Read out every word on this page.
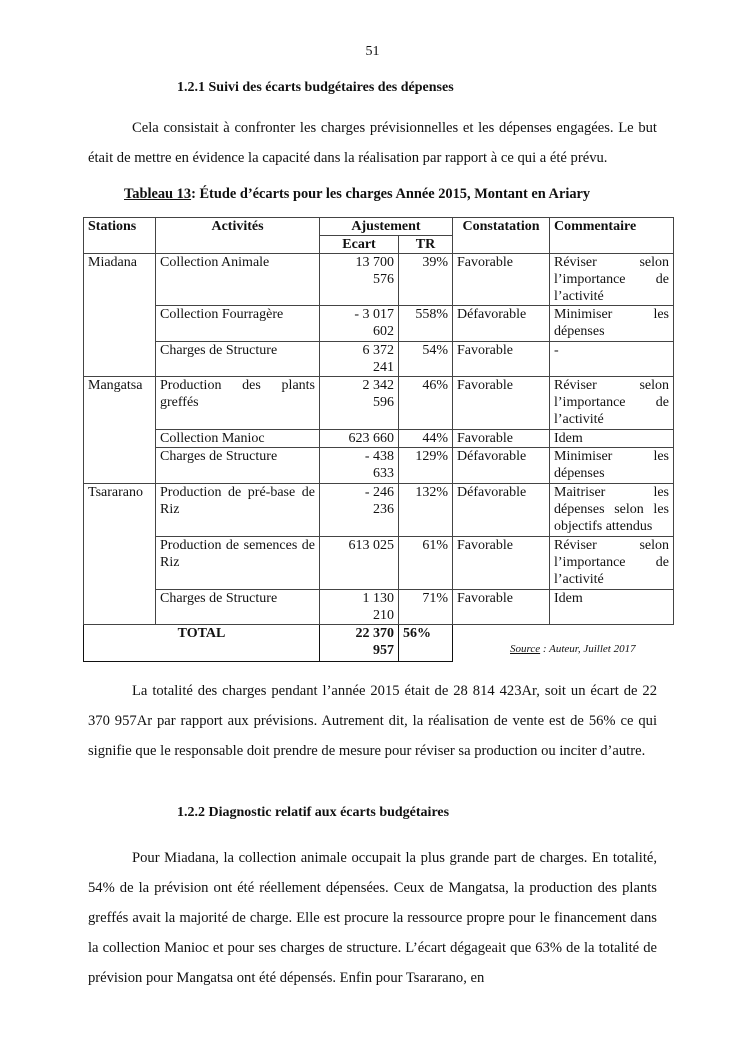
51
1.2.1 Suivi des écarts budgétaires des dépenses
Cela consistait à confronter les charges prévisionnelles et les dépenses engagées. Le but était de mettre en évidence la capacité dans la réalisation par rapport à ce qui a été prévu.
Tableau 13: Étude d’écarts pour les charges Année 2015, Montant en Ariary
Stations	Activités	Ajustement		Constatation	Commentaire
		Ecart	TR		
Miadana	Collection Animale	13 700 576	39%	Favorable	Réviser selon l’importance de l’activité
	Collection Fourragère	- 3 017 602	558%	Défavorable	Minimiser les dépenses
	Charges de Structure	6 372 241	54%	Favorable	-
Mangatsa	Production des plants greffés	2 342 596	46%	Favorable	Réviser selon l’importance de l’activité
	Collection Manioc	623 660	44%	Favorable	Idem
	Charges de Structure	- 438 633	129%	Défavorable	Minimiser les dépenses
Tsararano	Production de pré-base de Riz	- 246 236	132%	Défavorable	Maitriser les dépenses selon les objectifs attendus
	Production de semences de Riz	613 025	61%	Favorable	Réviser selon l’importance de l’activité
	Charges de Structure	1 130 210	71%	Favorable	Idem
TOTAL		22 370 957	56%		
Source : Auteur, Juillet 2017
La totalité des charges pendant l’année 2015 était de 28 814 423Ar, soit un écart de 22 370 957Ar par rapport aux prévisions. Autrement dit, la réalisation de vente est de 56% ce qui signifie que le responsable doit prendre de mesure pour réviser sa production ou inciter d’autre.
1.2.2 Diagnostic relatif aux écarts budgétaires
Pour Miadana, la collection animale occupait la plus grande part de charges. En totalité, 54% de la prévision ont été réellement dépensées. Ceux de Mangatsa, la production des plants greffés avait la majorité de charge. Elle est procure la ressource propre pour le financement dans la collection Manioc et pour ses charges de structure. L’écart dégageait que 63% de la totalité de prévision pour Mangatsa ont été dépensés. Enfin pour Tsararano, en
